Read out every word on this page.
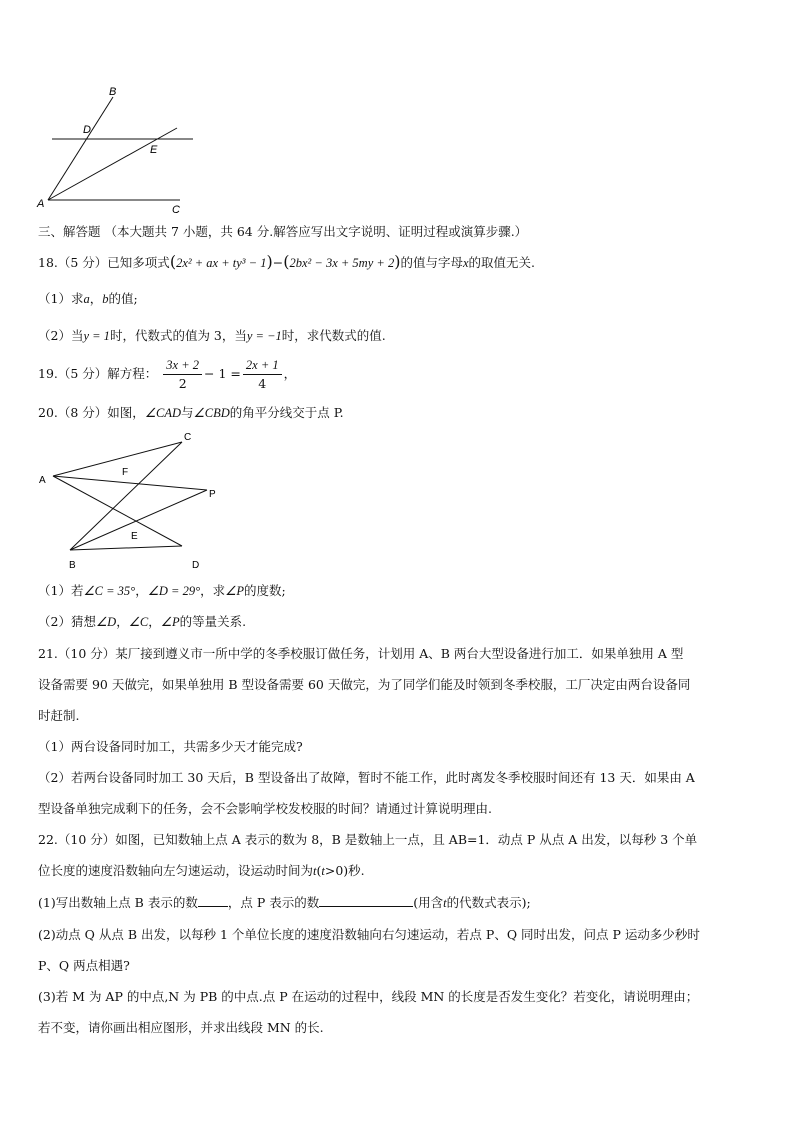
B
D
E
A	C
三、解答题 （本大题共 7 小题，共 64 分.解答应写出文字说明、证明过程或演算步骤.）
18.（5 分）已知多项式(2x² + ax + ty³ − 1)−(2bx² − 3x + 5my + 2)的值与字母x的取值无关.
（1）求a，b的值;
（2）当y = 1时，代数式的值为 3，当y = −1时，求代数式的值.
19.（5 分）解方程： $\frac{3x + 2}{2} - 1 = \frac{2x + 1}{4}$ ，
20.（8 分）如图，∠CAD与∠CBD的角平分线交于点 P.
C
A
F
P
E
B	D
（1）若∠C = 35°，∠D = 29°，求∠P的度数;
（2）猜想∠D，∠C，∠P的等量关系.
21.（10 分）某厂接到遵义市一所中学的冬季校服订做任务，计划用 A、B 两台大型设备进行加工．如果单独用 A 型
设备需要 90 天做完，如果单独用 B 型设备需要 60 天做完，为了同学们能及时领到冬季校服，工厂决定由两台设备同
时赶制.
（1）两台设备同时加工，共需多少天才能完成?
（2）若两台设备同时加工 30 天后，B 型设备出了故障，暂时不能工作，此时离发冬季校服时间还有 13 天．如果由 A
型设备单独完成剩下的任务，会不会影响学校发校服的时间？请通过计算说明理由.
22.（10 分）如图，已知数轴上点 A 表示的数为 8，B 是数轴上一点，且 AB=1．动点 P 从点 A 出发，以每秒 3 个单
位长度的速度沿数轴向左匀速运动，设运动时间为t(t>0)秒.
(1)写出数轴上点 B 表示的数 ，点 P 表示的数	(用含t的代数式表示);
(2)动点 Q 从点 B 出发，以每秒 1 个单位长度的速度沿数轴向右匀速运动，若点 P、Q 同时出发，问点 P 运动多少秒时
P、Q 两点相遇?
(3)若 M 为 AP 的中点,N 为 PB 的中点.点 P 在运动的过程中，线段 MN 的长度是否发生变化？若变化，请说明理由；
若不变，请你画出相应图形，并求出线段 MN 的长.
